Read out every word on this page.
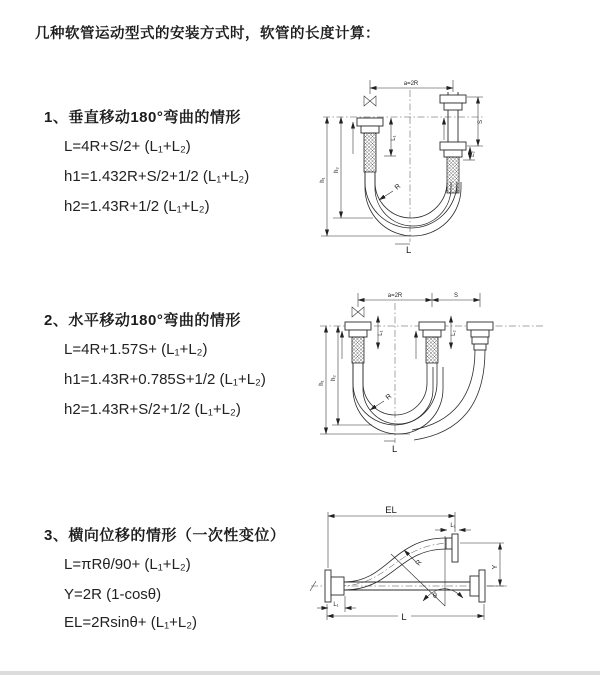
几种软管运动型式的安装方式时，软管的长度计算：
1、垂直移动180°弯曲的情形
L=4R+S/2+ (L₁+L₂)
h1=1.432R+S/2+1/2 (L₁+L₂)
h2=1.43R+1/2 (L₁+L₂)
2、水平移动180°弯曲的情形
L=4R+1.57S+ (L₁+L₂)
h1=1.43R+0.785S+1/2 (L₁+L₂)
h2=1.43R+S/2+1/2 (L₁+L₂)
3、横向位移的情形（一次性变位）
L=πRθ/90+ (L₁+L₂)
Y=2R (1-cosθ)
EL=2Rsinθ+ (L₁+L₂)
a=2R
S
L₂
L₁
h₁
h₂
R
L
a=2R	S
L₁	L₂
h₁
h₂
R
L
EL
L₁
θ
R	Y
L₁
L
